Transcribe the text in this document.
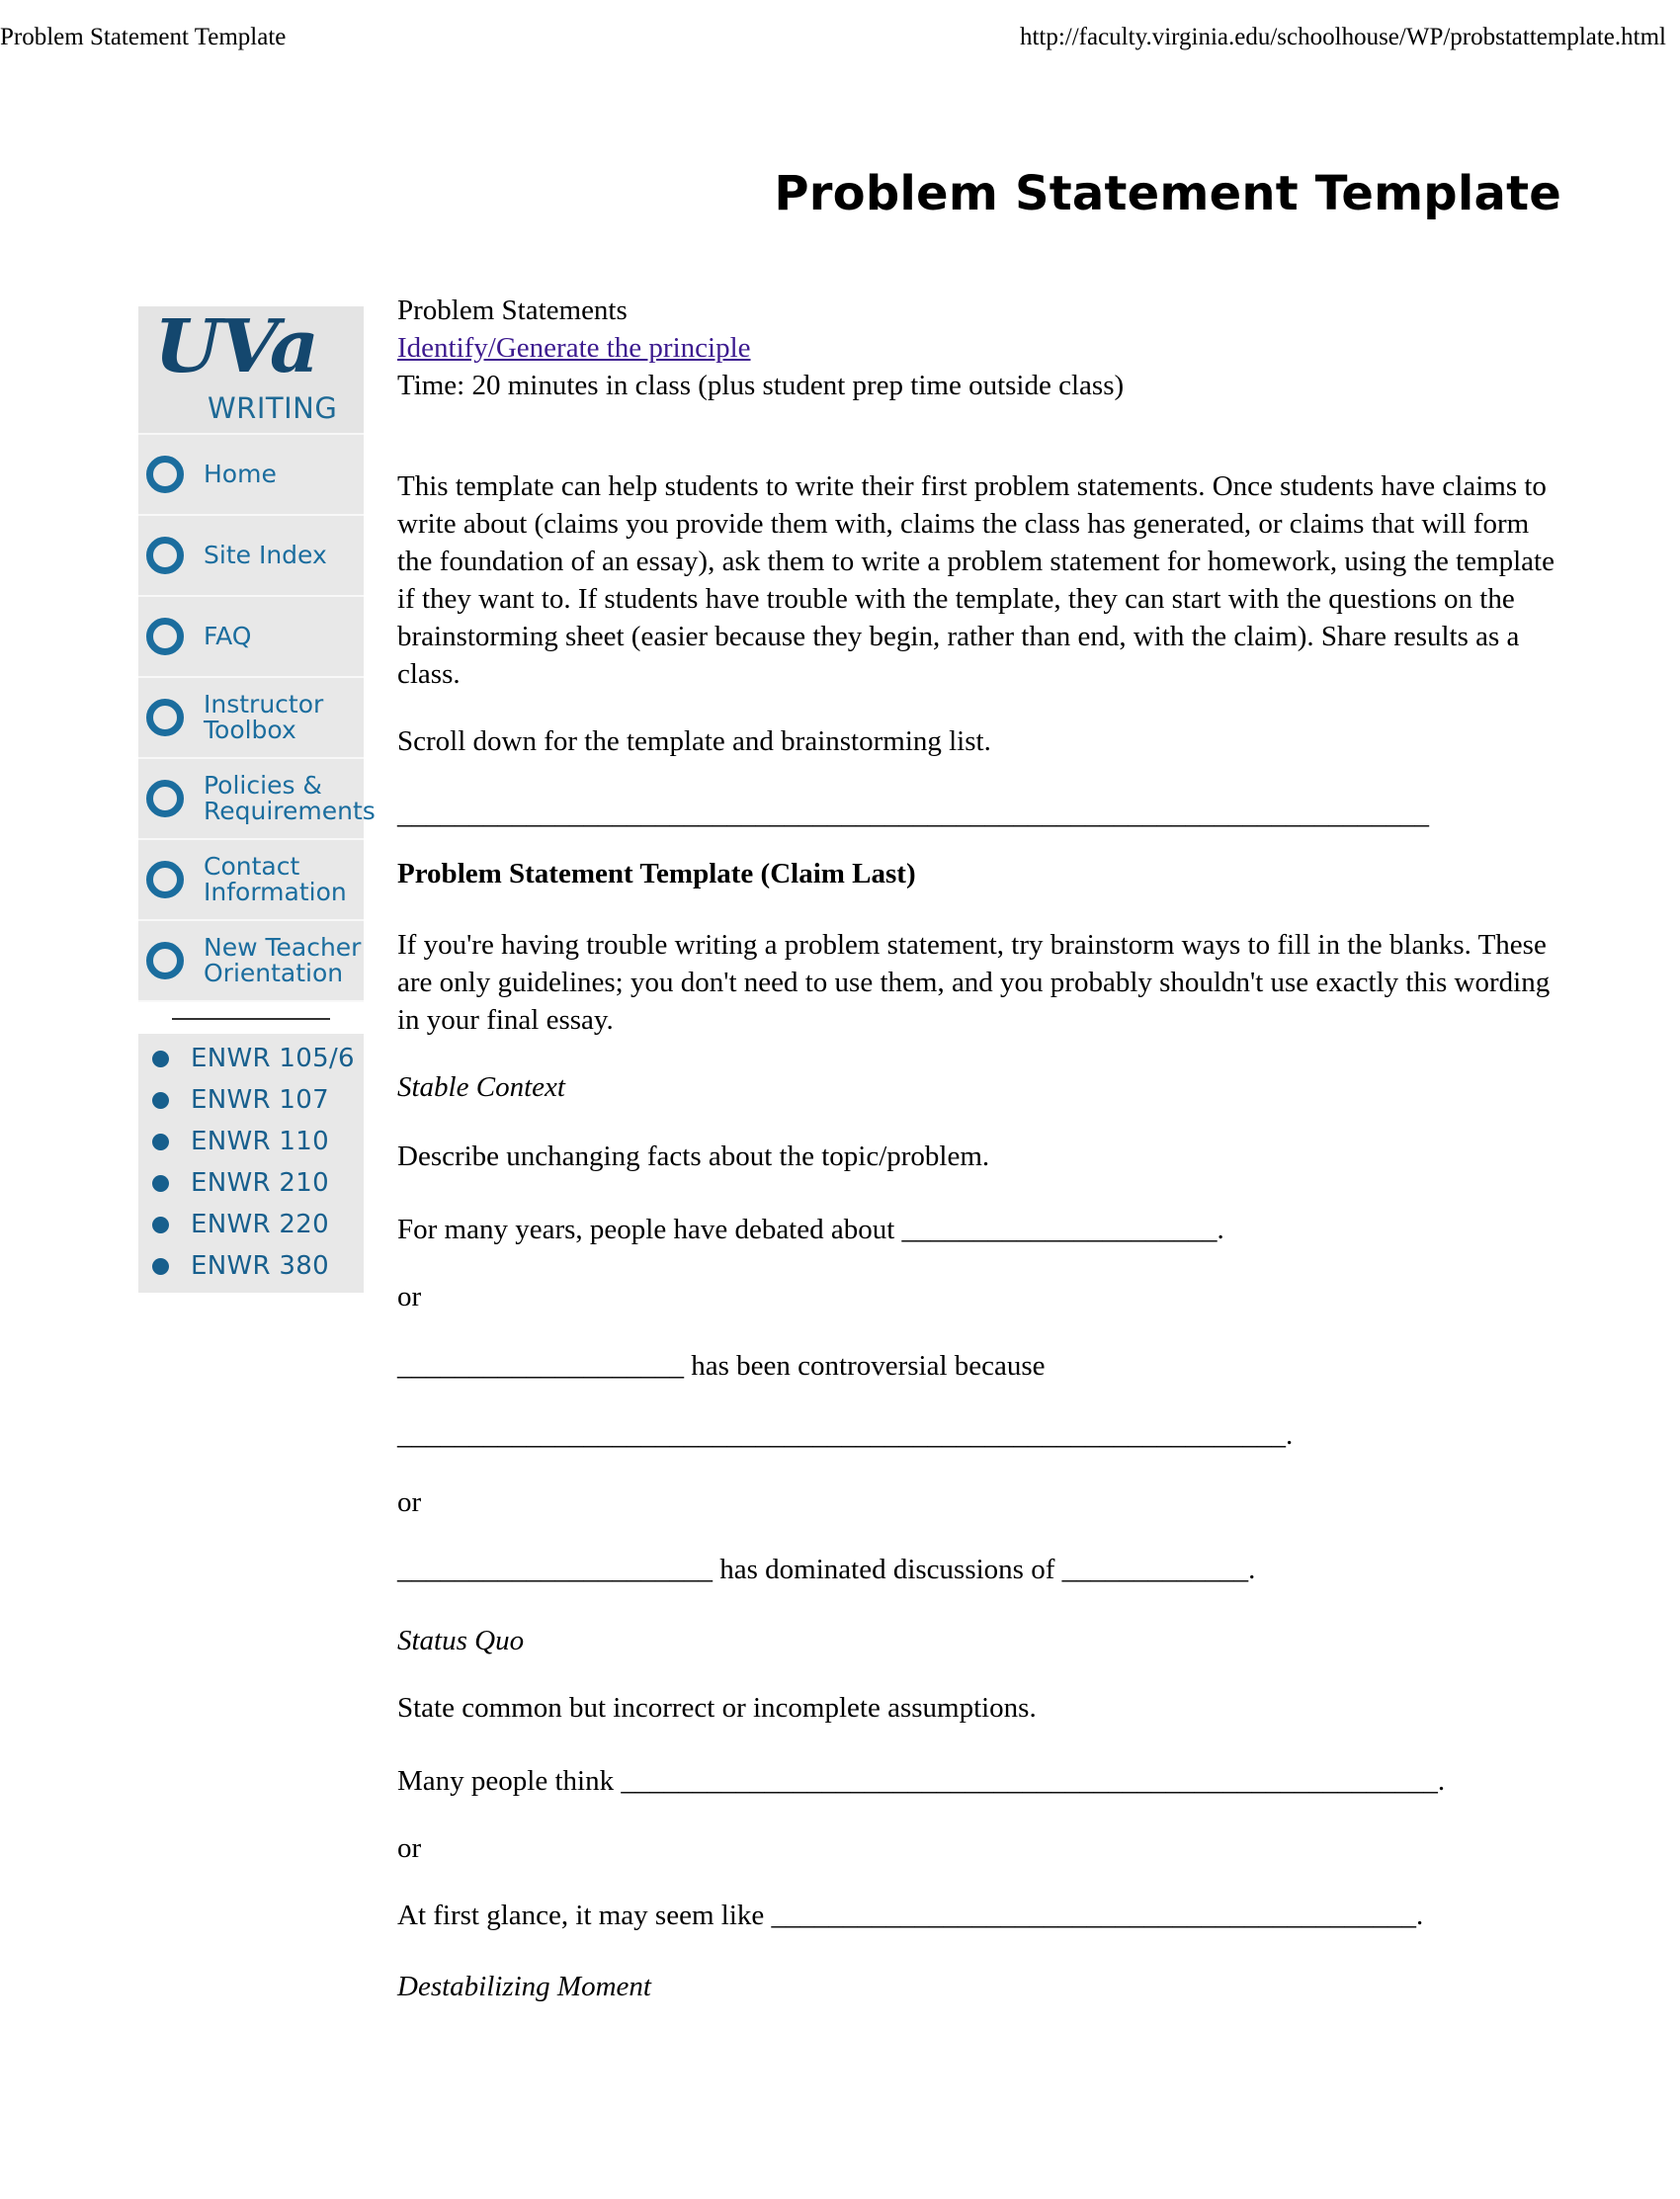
Problem Statement Template	http://faculty.virginia.edu/schoolhouse/WP/probstattemplate.html
Problem Statement Template
UVa
WRITING
Home
Site Index
FAQ
Instructor
Toolbox
Policies &
Requirements
Contact
Information
New Teacher
Orientation
ENWR 105/6
ENWR 107
ENWR 110
ENWR 210
ENWR 220
ENWR 380

Problem Statements

Identify/Generate the principle

Time: 20 minutes in class (plus student prep time outside class)

This template can help students to write their first problem statements. Once students have claims to write about (claims you provide them with, claims the class has generated, or claims that will form the foundation of an essay), ask them to write a problem statement for homework, using the template if they want to. If students have trouble with the template, they can start with the questions on the brainstorming sheet (easier because they begin, rather than end, with the claim). Share results as a class.

Scroll down for the template and brainstorming list.

________________________________________________________________________

Problem Statement Template (Claim Last)

If you're having trouble writing a problem statement, try brainstorm ways to fill in the blanks. These are only guidelines; you don't need to use them, and you probably shouldn't use exactly this wording in your final essay.

Stable Context

Describe unchanging facts about the topic/problem.

For many years, people have debated about ______________________.

or

____________________ has been controversial because

______________________________________________________________.

or

______________________ has dominated discussions of _____________.

Status Quo

State common but incorrect or incomplete assumptions.

Many people think _________________________________________________________.

or

At first glance, it may seem like _____________________________________________.

Destabilizing Moment
